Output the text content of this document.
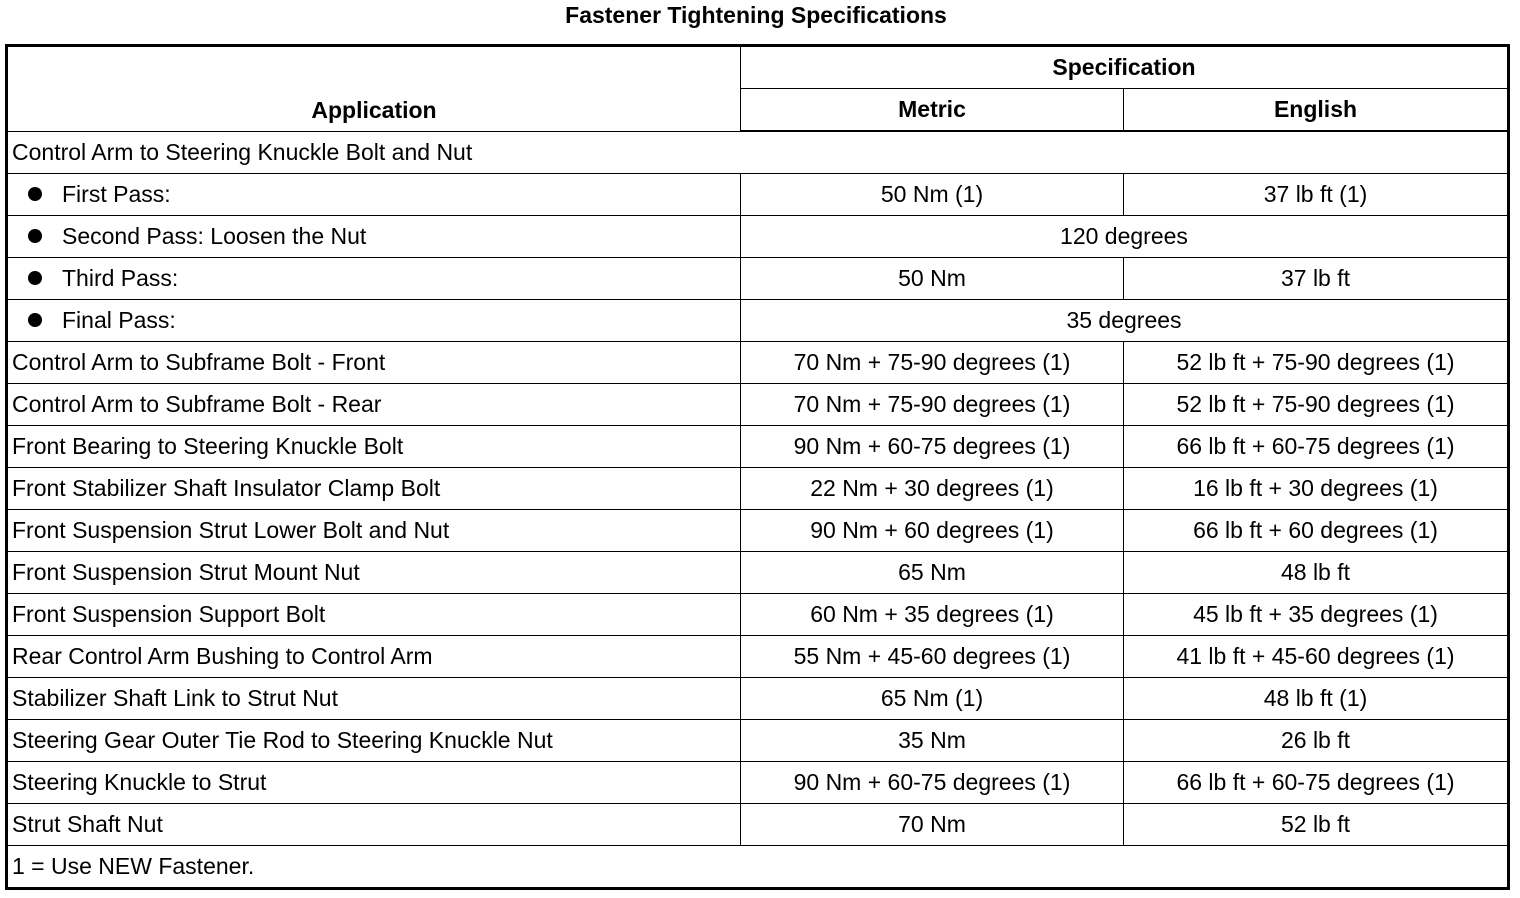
Fastener Tightening Specifications
Application	Specification	
	Metric	English
Control Arm to Steering Knuckle Bolt and Nut		
First Pass:	50 Nm (1)	37 lb ft (1)
Second Pass: Loosen the Nut	120 degrees	
Third Pass:	50 Nm	37 lb ft
Final Pass:	35 degrees	
Control Arm to Subframe Bolt - Front	70 Nm + 75-90 degrees (1)	52 lb ft + 75-90 degrees (1)
Control Arm to Subframe Bolt - Rear	70 Nm + 75-90 degrees (1)	52 lb ft + 75-90 degrees (1)
Front Bearing to Steering Knuckle Bolt	90 Nm + 60-75 degrees (1)	66 lb ft + 60-75 degrees (1)
Front Stabilizer Shaft Insulator Clamp Bolt	22 Nm + 30 degrees (1)	16 lb ft + 30 degrees (1)
Front Suspension Strut Lower Bolt and Nut	90 Nm + 60 degrees (1)	66 lb ft + 60 degrees (1)
Front Suspension Strut Mount Nut	65 Nm	48 lb ft
Front Suspension Support Bolt	60 Nm + 35 degrees (1)	45 lb ft + 35 degrees (1)
Rear Control Arm Bushing to Control Arm	55 Nm + 45-60 degrees (1)	41 lb ft + 45-60 degrees (1)
Stabilizer Shaft Link to Strut Nut	65 Nm (1)	48 lb ft (1)
Steering Gear Outer Tie Rod to Steering Knuckle Nut	35 Nm	26 lb ft
Steering Knuckle to Strut	90 Nm + 60-75 degrees (1)	66 lb ft + 60-75 degrees (1)
Strut Shaft Nut	70 Nm	52 lb ft
1 = Use NEW Fastener.		
